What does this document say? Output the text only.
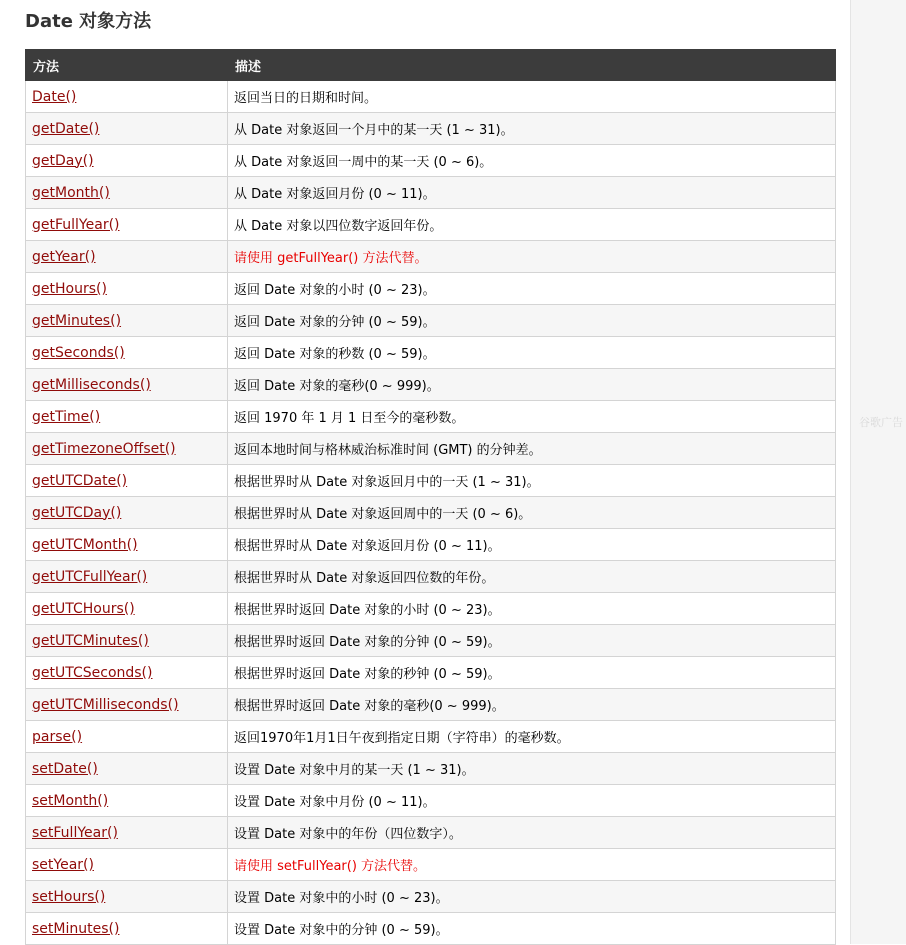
Date 对象方法
方法	描述
Date()	返回当日的日期和时间。
getDate()	从 Date 对象返回一个月中的某一天 (1 ~ 31)。
getDay()	从 Date 对象返回一周中的某一天 (0 ~ 6)。
getMonth()	从 Date 对象返回月份 (0 ~ 11)。
getFullYear()	从 Date 对象以四位数字返回年份。
getYear()	请使用 getFullYear() 方法代替。
getHours()	返回 Date 对象的小时 (0 ~ 23)。
getMinutes()	返回 Date 对象的分钟 (0 ~ 59)。
getSeconds()	返回 Date 对象的秒数 (0 ~ 59)。
getMilliseconds()	返回 Date 对象的毫秒(0 ~ 999)。
getTime()	返回 1970 年 1 月 1 日至今的毫秒数。
getTimezoneOffset()	返回本地时间与格林威治标准时间 (GMT) 的分钟差。
getUTCDate()	根据世界时从 Date 对象返回月中的一天 (1 ~ 31)。
getUTCDay()	根据世界时从 Date 对象返回周中的一天 (0 ~ 6)。
getUTCMonth()	根据世界时从 Date 对象返回月份 (0 ~ 11)。
getUTCFullYear()	根据世界时从 Date 对象返回四位数的年份。
getUTCHours()	根据世界时返回 Date 对象的小时 (0 ~ 23)。
getUTCMinutes()	根据世界时返回 Date 对象的分钟 (0 ~ 59)。
getUTCSeconds()	根据世界时返回 Date 对象的秒钟 (0 ~ 59)。
getUTCMilliseconds()	根据世界时返回 Date 对象的毫秒(0 ~ 999)。
parse()	返回1970年1月1日午夜到指定日期（字符串）的毫秒数。
setDate()	设置 Date 对象中月的某一天 (1 ~ 31)。
setMonth()	设置 Date 对象中月份 (0 ~ 11)。
setFullYear()	设置 Date 对象中的年份（四位数字）。
setYear()	请使用 setFullYear() 方法代替。
setHours()	设置 Date 对象中的小时 (0 ~ 23)。
setMinutes()	设置 Date 对象中的分钟 (0 ~ 59)。
谷歌广告
